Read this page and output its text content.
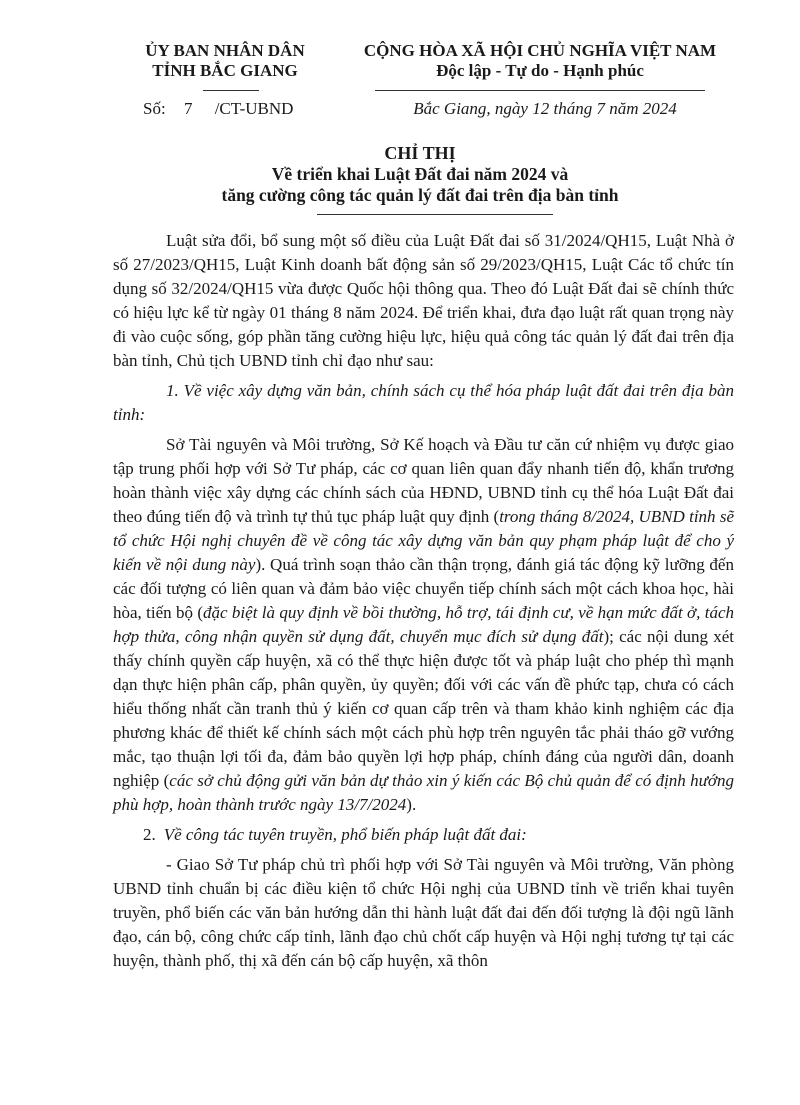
ỦY BAN NHÂN DÂN
TỈNH BẮC GIANG
CỘNG HÒA XÃ HỘI CHỦ NGHĨA VIỆT NAM
Độc lập - Tự do - Hạnh phúc
Số: 7 /CT-UBND	Bắc Giang, ngày 12 tháng 7 năm 2024
CHỈ THỊ
Về triển khai Luật Đất đai năm 2024 và
tăng cường công tác quản lý đất đai trên địa bàn tỉnh

Luật sửa đổi, bổ sung một số điều của Luật Đất đai số 31/2024/QH15, Luật Nhà ở số 27/2023/QH15, Luật Kinh doanh bất động sản số 29/2023/QH15, Luật Các tổ chức tín dụng số 32/2024/QH15 vừa được Quốc hội thông qua. Theo đó Luật Đất đai sẽ chính thức có hiệu lực kể từ ngày 01 tháng 8 năm 2024. Để triển khai, đưa đạo luật rất quan trọng này đi vào cuộc sống, góp phần tăng cường hiệu lực, hiệu quả công tác quản lý đất đai trên địa bàn tỉnh, Chủ tịch UBND tỉnh chỉ đạo như sau:

1. Về việc xây dựng văn bản, chính sách cụ thể hóa pháp luật đất đai trên địa bàn tỉnh:

Sở Tài nguyên và Môi trường, Sở Kế hoạch và Đầu tư căn cứ nhiệm vụ được giao tập trung phối hợp với Sở Tư pháp, các cơ quan liên quan đẩy nhanh tiến độ, khẩn trương hoàn thành việc xây dựng các chính sách của HĐND, UBND tỉnh cụ thể hóa Luật Đất đai theo đúng tiến độ và trình tự thủ tục pháp luật quy định (trong tháng 8/2024, UBND tỉnh sẽ tổ chức Hội nghị chuyên đề về công tác xây dựng văn bản quy phạm pháp luật để cho ý kiến về nội dung này). Quá trình soạn thảo cần thận trọng, đánh giá tác động kỹ lưỡng đến các đối tượng có liên quan và đảm bảo việc chuyển tiếp chính sách một cách khoa học, hài hòa, tiến bộ (đặc biệt là quy định về bồi thường, hỗ trợ, tái định cư, về hạn mức đất ở, tách hợp thửa, công nhận quyền sử dụng đất, chuyển mục đích sử dụng đất); các nội dung xét thấy chính quyền cấp huyện, xã có thể thực hiện được tốt và pháp luật cho phép thì mạnh dạn thực hiện phân cấp, phân quyền, ủy quyền; đối với các vấn đề phức tạp, chưa có cách hiểu thống nhất cần tranh thủ ý kiến cơ quan cấp trên và tham khảo kinh nghiệm các địa phương khác để thiết kế chính sách một cách phù hợp trên nguyên tắc phải tháo gỡ vướng mắc, tạo thuận lợi tối đa, đảm bảo quyền lợi hợp pháp, chính đáng của người dân, doanh nghiệp (các sở chủ động gửi văn bản dự thảo xin ý kiến các Bộ chủ quản để có định hướng phù hợp, hoàn thành trước ngày 13/7/2024).

2. Về công tác tuyên truyền, phổ biến pháp luật đất đai:

- Giao Sở Tư pháp chủ trì phối hợp với Sở Tài nguyên và Môi trường, Văn phòng UBND tỉnh chuẩn bị các điều kiện tổ chức Hội nghị của UBND tỉnh về triển khai tuyên truyền, phổ biến các văn bản hướng dẫn thi hành luật đất đai đến đối tượng là đội ngũ lãnh đạo, cán bộ, công chức cấp tỉnh, lãnh đạo chủ chốt cấp huyện và Hội nghị tương tự tại các huyện, thành phố, thị xã đến cán bộ cấp huyện, xã thôn
